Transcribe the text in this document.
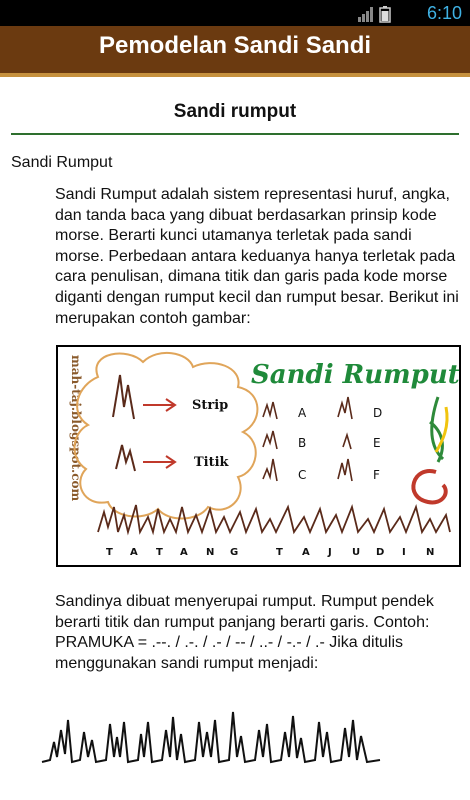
6:10
Pemodelan Sandi Sandi
Sandi rumput
Sandi Rumput
Sandi Rumput adalah sistem representasi huruf, angka, dan tanda baca yang dibuat berdasarkan prinsip kode morse. Berarti kunci utamanya terletak pada sandi morse. Perbedaan antara keduanya hanya terletak pada cara penulisan, dimana titik dan garis pada kode morse diganti dengan rumput kecil dan rumput besar. Berikut ini merupakan contoh gambar:
mah-taj.blogspot.com	Strip
Titik
Sandi Rumput
A
B
C
D
E
F
T A T A N G	T A J U D I N
Sandinya dibuat menyerupai rumput. Rumput pendek berarti titik dan rumput panjang berarti garis. Contoh: PRAMUKA = .--. / .-. / .- / -- / ..- / -.- / .- Jika ditulis menggunakan sandi rumput menjadi:
